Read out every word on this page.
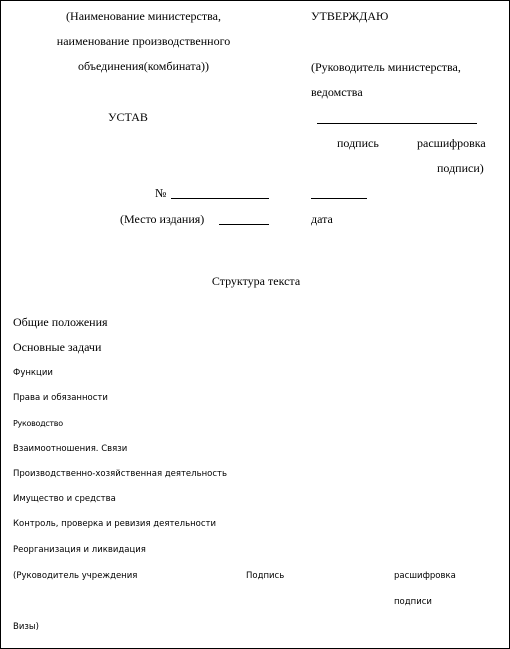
(Наименование министерства,
наименование производственного
объединения(комбината))
УТВЕРЖДАЮ
(Руководитель министерства,
ведомства
подпись	расшифровка
подписи)
УСТАВ
№
(Место издания)	дата
Структура текста
Общие положения
Основные задачи
Функции
Права и обязанности
Руководство
Взаимоотношения. Связи
Производственно-хозяйственная деятельность
Имущество и средства
Контроль, проверка и ревизия деятельности
Реорганизация и ликвидация
(Руководитель учреждения	Подпись	расшифровка
подписи
Визы)
